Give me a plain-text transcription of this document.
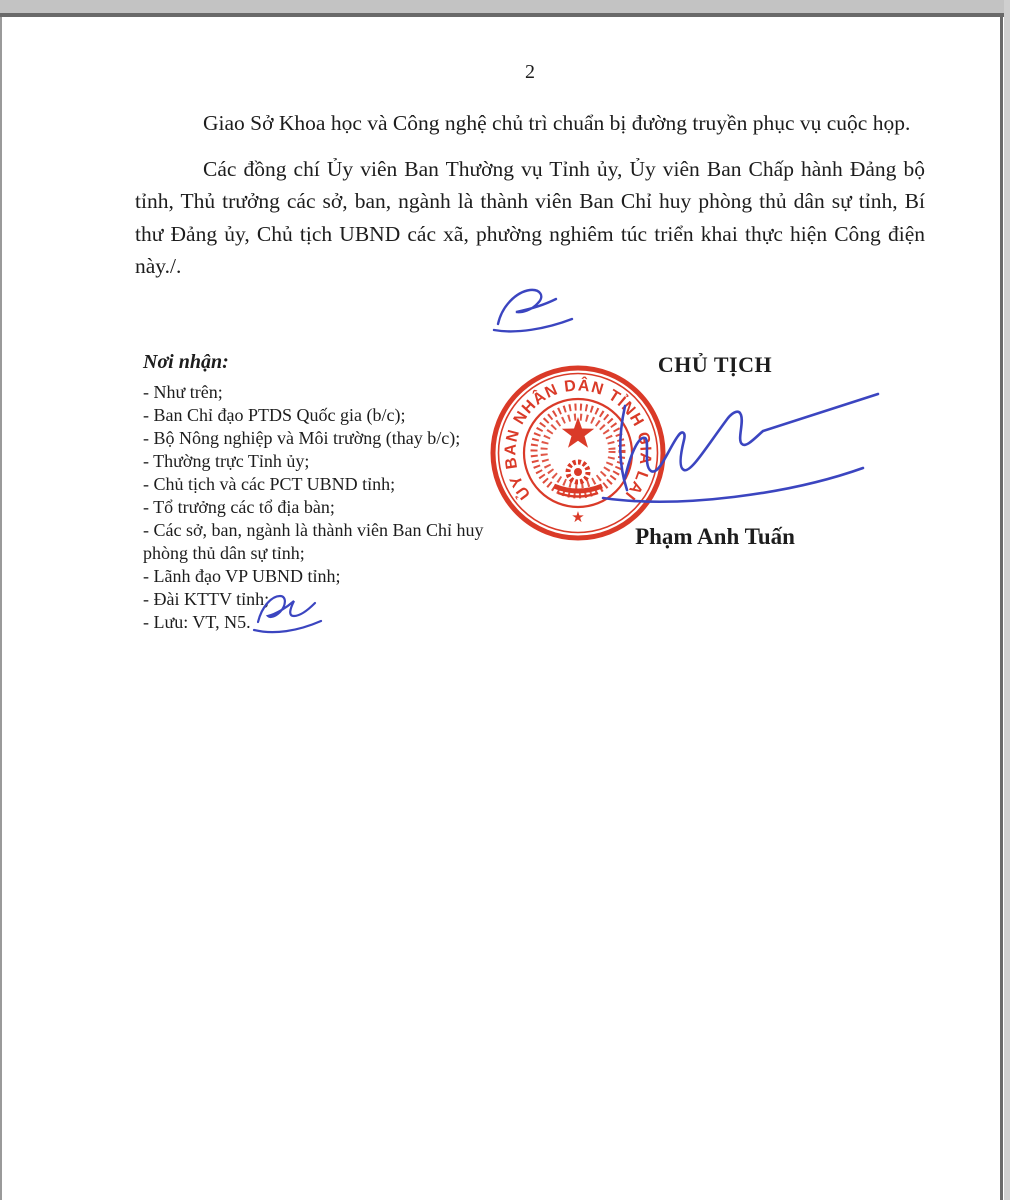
2

Giao Sở Khoa học và Công nghệ chủ trì chuẩn bị đường truyền phục vụ cuộc họp.

Các đồng chí Ủy viên Ban Thường vụ Tỉnh ủy, Ủy viên Ban Chấp hành Đảng bộ tỉnh, Thủ trưởng các sở, ban, ngành là thành viên Ban Chỉ huy phòng thủ dân sự tỉnh, Bí thư Đảng ủy, Chủ tịch UBND các xã, phường nghiêm túc triển khai thực hiện Công điện này./.

Nơi nhận:
- Như trên;
- Ban Chỉ đạo PTDS Quốc gia (b/c);
- Bộ Nông nghiệp và Môi trường (thay b/c);
- Thường trực Tỉnh ủy;
- Chủ tịch và các PCT UBND tỉnh;
- Tổ trưởng các tổ địa bàn;
- Các sở, ban, ngành là thành viên Ban Chỉ huy phòng thủ dân sự tỉnh;
- Lãnh đạo VP UBND tỉnh;
- Đài KTTV tỉnh;
- Lưu: VT, N5.
CHỦ TỊCH
Phạm Anh Tuấn
ỦY BAN NHÂN DÂN TỈNH GIA LAI
★
